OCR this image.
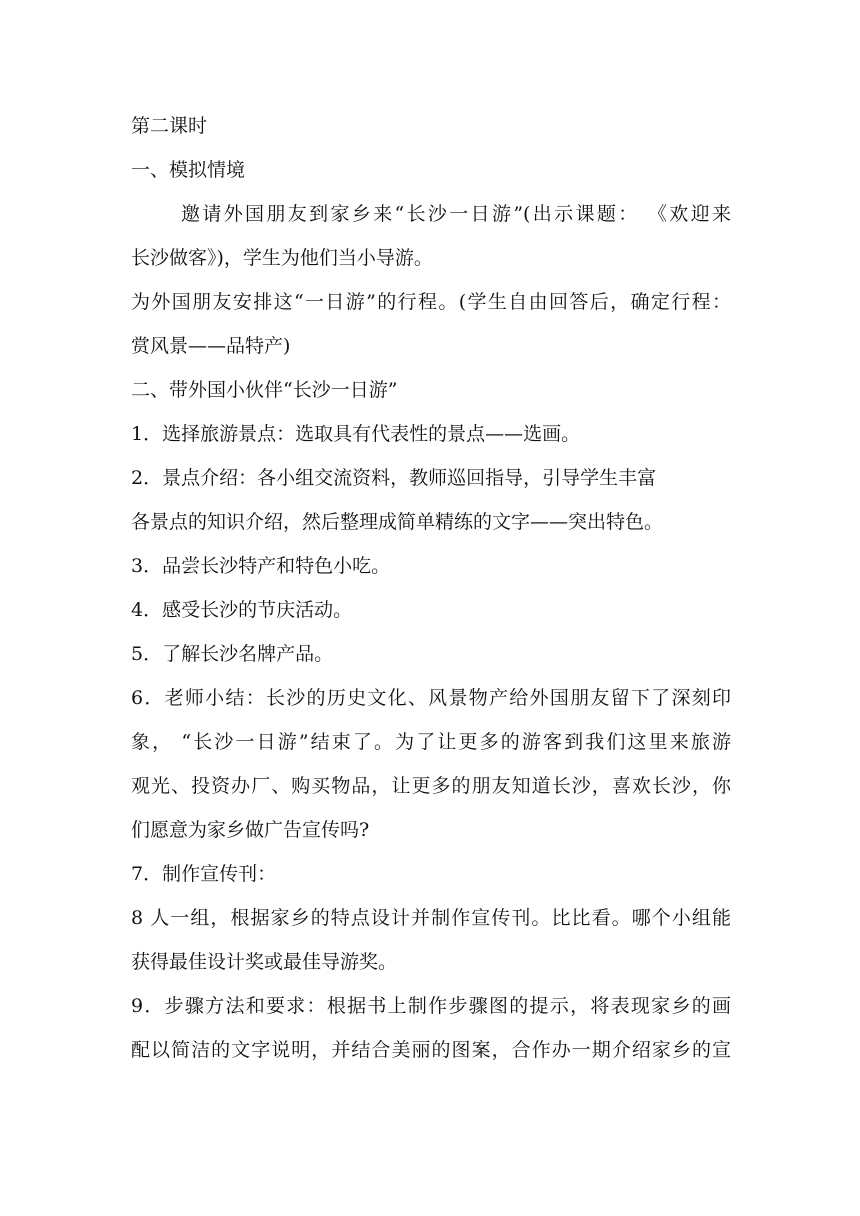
第二课时
一、模拟情境
邀请外国朋友到家乡来“长沙一日游”(出示课题： 《欢迎来
长沙做客》)，学生为他们当小导游。
为外国朋友安排这“一日游”的行程。(学生自由回答后，确定行程：
赏风景——品特产)
二、带外国小伙伴“长沙一日游”
1．选择旅游景点：选取具有代表性的景点——选画。
2．景点介绍：各小组交流资料，教师巡回指导，引导学生丰富
各景点的知识介绍，然后整理成简单精练的文字——突出特色。
3．品尝长沙特产和特色小吃。
4．感受长沙的节庆活动。
5．了解长沙名牌产品。
6．老师小结：长沙的历史文化、风景物产给外国朋友留下了深刻印
象， “长沙一日游”结束了。为了让更多的游客到我们这里来旅游
观光、投资办厂、购买物品，让更多的朋友知道长沙，喜欢长沙，你
们愿意为家乡做广告宣传吗?
7．制作宣传刊：
8 人一组，根据家乡的特点设计并制作宣传刊。比比看。哪个小组能
获得最佳设计奖或最佳导游奖。
9．步骤方法和要求：根据书上制作步骤图的提示，将表现家乡的画
配以简洁的文字说明，并结合美丽的图案，合作办一期介绍家乡的宣
